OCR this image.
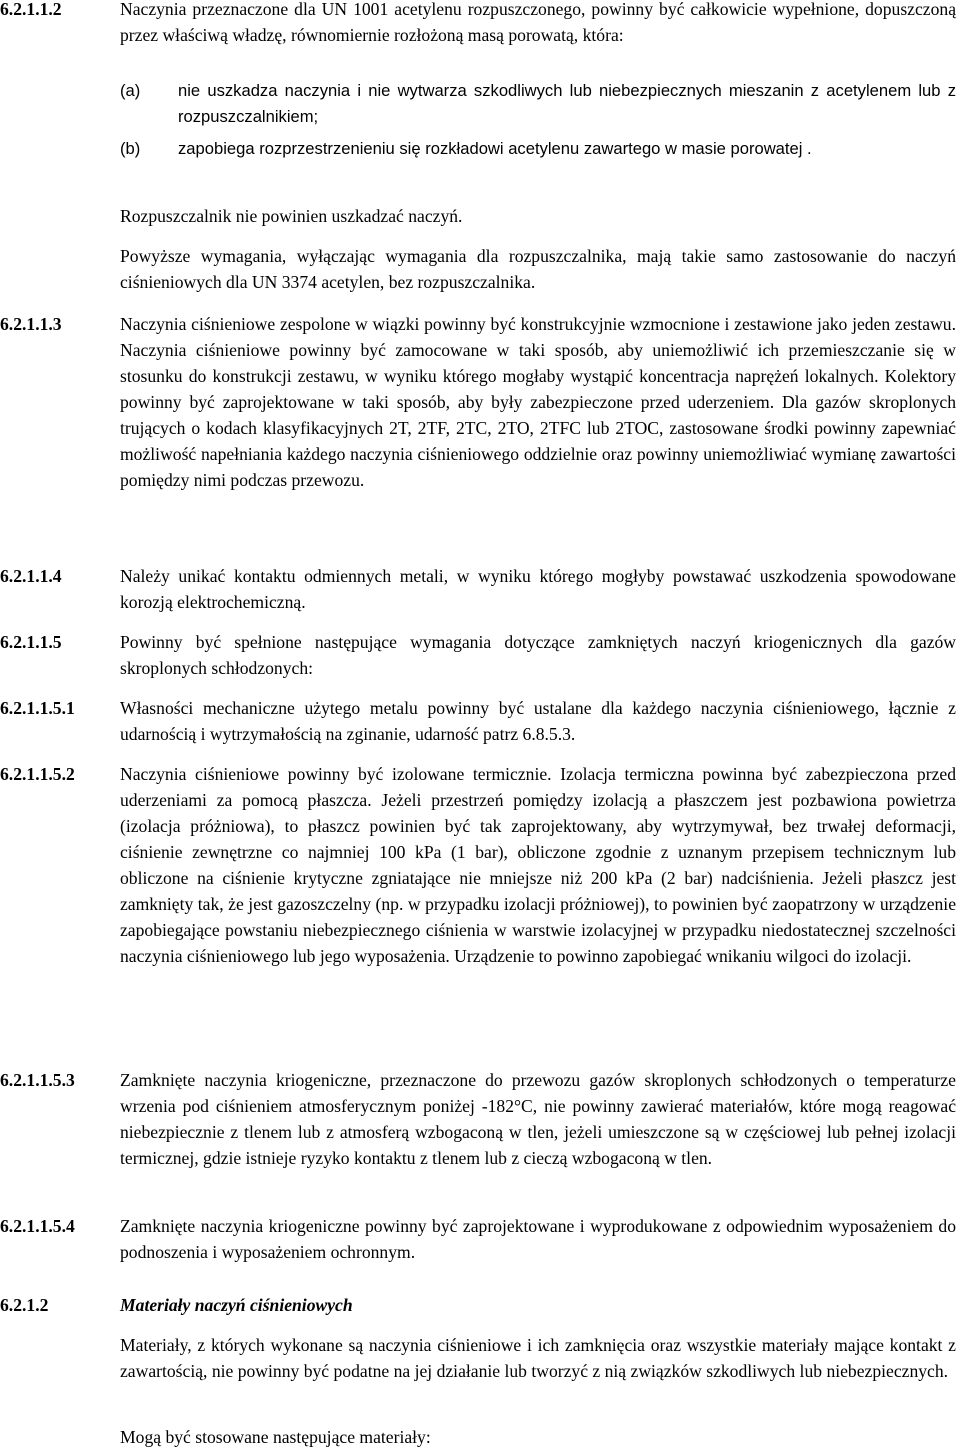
6.2.1.1.2	Naczynia przeznaczone dla UN 1001 acetylenu rozpuszczonego, powinny być całkowicie wypełnione, dopuszczoną przez właściwą władzę, równomiernie rozłożoną masą porowatą, która:

(a) nie uszkadza naczynia i nie wytwarza szkodliwych lub niebezpiecznych mieszanin z acetylenem lub z rozpuszczalnikiem;

(b) zapobiega rozprzestrzenieniu się rozkładowi acetylenu zawartego w masie porowatej .

Rozpuszczalnik nie powinien uszkadzać naczyń.

Powyższe wymagania, wyłączając wymagania dla rozpuszczalnika, mają takie samo zastosowanie do naczyń ciśnieniowych dla UN 3374 acetylen, bez rozpuszczalnika.

6.2.1.1.3	Naczynia ciśnieniowe zespolone w wiązki powinny być konstrukcyjnie wzmocnione i zestawione jako jeden zestawu. Naczynia ciśnieniowe powinny być zamocowane w taki sposób, aby uniemożliwić ich przemieszczanie się w stosunku do konstrukcji zestawu, w wyniku którego mogłaby wystąpić koncentracja naprężeń lokalnych. Kolektory powinny być zaprojektowane w taki sposób, aby były zabezpieczone przed uderzeniem. Dla gazów skroplonych trujących o kodach klasyfikacyjnych 2T, 2TF, 2TC, 2TO, 2TFC lub 2TOC, zastosowane środki powinny zapewniać możliwość napełniania każdego naczynia ciśnieniowego oddzielnie oraz powinny uniemożliwiać wymianę zawartości pomiędzy nimi podczas przewozu.

6.2.1.1.4	Należy unikać kontaktu odmiennych metali, w wyniku którego mogłyby powstawać uszkodzenia spowodowane korozją elektrochemiczną.

6.2.1.1.5	Powinny być spełnione następujące wymagania dotyczące zamkniętych naczyń kriogenicznych dla gazów skroplonych schłodzonych:

6.2.1.1.5.1	Własności mechaniczne użytego metalu powinny być ustalane dla każdego naczynia ciśnieniowego, łącznie z udarnością i wytrzymałością na zginanie, udarność patrz 6.8.5.3.

6.2.1.1.5.2	Naczynia ciśnieniowe powinny być izolowane termicznie. Izolacja termiczna powinna być zabezpieczona przed uderzeniami za pomocą płaszcza. Jeżeli przestrzeń pomiędzy izolacją a płaszczem jest pozbawiona powietrza (izolacja próżniowa), to płaszcz powinien być tak zaprojektowany, aby wytrzymywał, bez trwałej deformacji, ciśnienie zewnętrzne co najmniej 100 kPa (1 bar), obliczone zgodnie z uznanym przepisem technicznym lub obliczone na ciśnienie krytyczne zgniatające nie mniejsze niż 200 kPa (2 bar) nadciśnienia. Jeżeli płaszcz jest zamknięty tak, że jest gazoszczelny (np. w przypadku izolacji próżniowej), to powinien być zaopatrzony w urządzenie zapobiegające powstaniu niebezpiecznego ciśnienia w warstwie izolacyjnej w przypadku niedostatecznej szczelności naczynia ciśnieniowego lub jego wyposażenia. Urządzenie to powinno zapobiegać wnikaniu wilgoci do izolacji.

6.2.1.1.5.3	Zamknięte naczynia kriogeniczne, przeznaczone do przewozu gazów skroplonych schłodzonych o temperaturze wrzenia pod ciśnieniem atmosferycznym poniżej -182°C, nie powinny zawierać materiałów, które mogą reagować niebezpiecznie z tlenem lub z atmosferą wzbogaconą w tlen, jeżeli umieszczone są w częściowej lub pełnej izolacji termicznej, gdzie istnieje ryzyko kontaktu z tlenem lub z cieczą wzbogaconą w tlen.

6.2.1.1.5.4	Zamknięte naczynia kriogeniczne powinny być zaprojektowane i wyprodukowane z odpowiednim wyposażeniem do podnoszenia i wyposażeniem ochronnym.

6.2.1.2	Materiały naczyń ciśnieniowych

Materiały, z których wykonane są naczynia ciśnieniowe i ich zamknięcia oraz wszystkie materiały mające kontakt z zawartością, nie powinny być podatne na jej działanie lub tworzyć z nią związków szkodliwych lub niebezpiecznych.

Mogą być stosowane następujące materiały:
